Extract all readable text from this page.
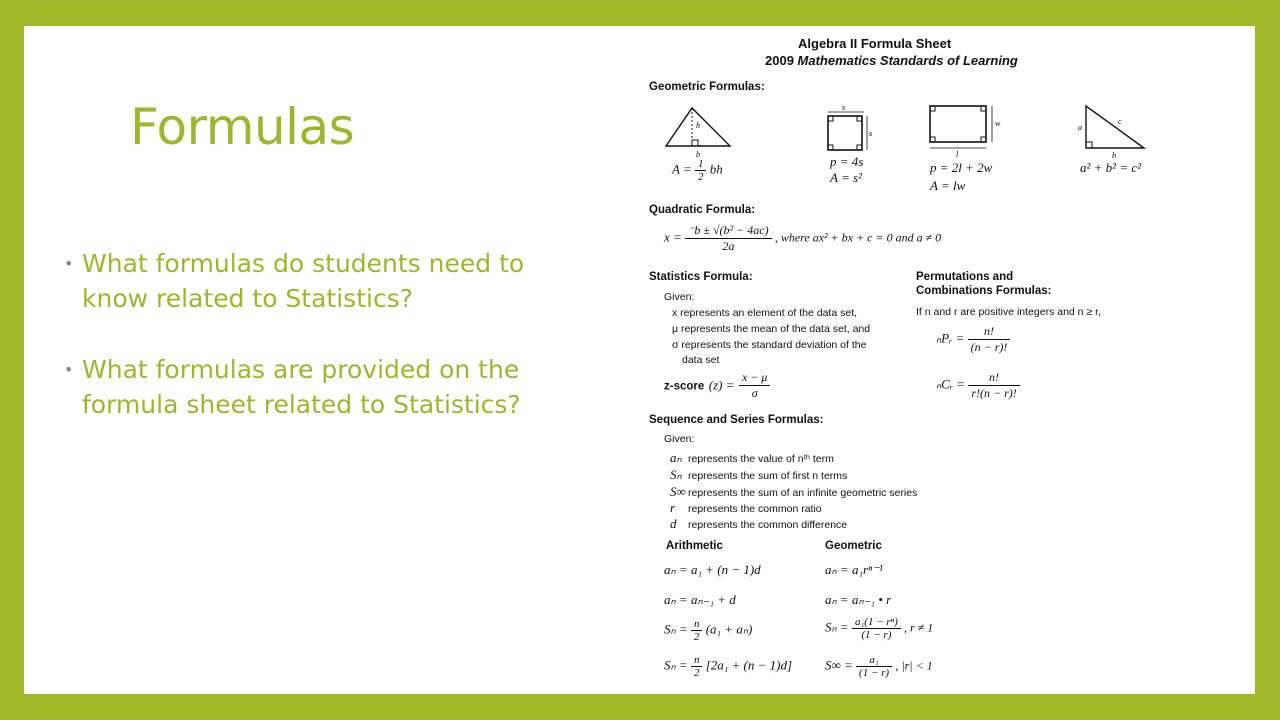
Formulas
• What formulas do students need to know related to Statistics?
• What formulas are provided on the formula sheet related to Statistics?
Algebra II Formula Sheet
2009 Mathematics Standards of Learning
Geometric Formulas:
h
b
$A = \frac{1}{2}$ bh
s
s
p = 4s
A = s²
w
l
p = 2l + 2w
A = lw
a
c
b
a² + b² = c²
Quadratic Formula:
$x = \frac{\text{⁻b ± √(b² − 4ac)}}{2a}$ , where ax² + bx + c = 0 and a ≠ 0
Statistics Formula:
Given:
x represents an element of the data set,
μ represents the mean of the data set, and
σ represents the standard deviation of the
data set
z-score $(z) = \frac{x - \mu}{\sigma}$
Permutations and
Combinations Formulas:
If n and r are positive integers and n ≥ r,
ₙPᵣ = $\frac{n!}{(n - r)!}$
ₙCᵣ = $\frac{n!}{r!(n - r)!}$
Sequence and Series Formulas:
Given:
aₙ represents the value of nᵗʰ term
Sₙ represents the sum of first n terms
S∞ represents the sum of an infinite geometric series
r represents the common ratio
d represents the common difference
Arithmetic	Geometric
aₙ = a₁ + (n − 1)d
aₙ = aₙ₋₁ + d
$S_n = \frac{n}{2} (a_1 + a_n)$
$S_n = \frac{n}{2} [2a_1 + (n - 1)d]$
aₙ = a₁rⁿ⁻¹
aₙ = aₙ₋₁ • r
$S_n = \frac{\text{a₁(1 − rⁿ)}}{(1 - r)}$ , r ≠ 1
$S\infty = \frac{\text{a₁}}{(1 - r)}$ , |r| < 1
